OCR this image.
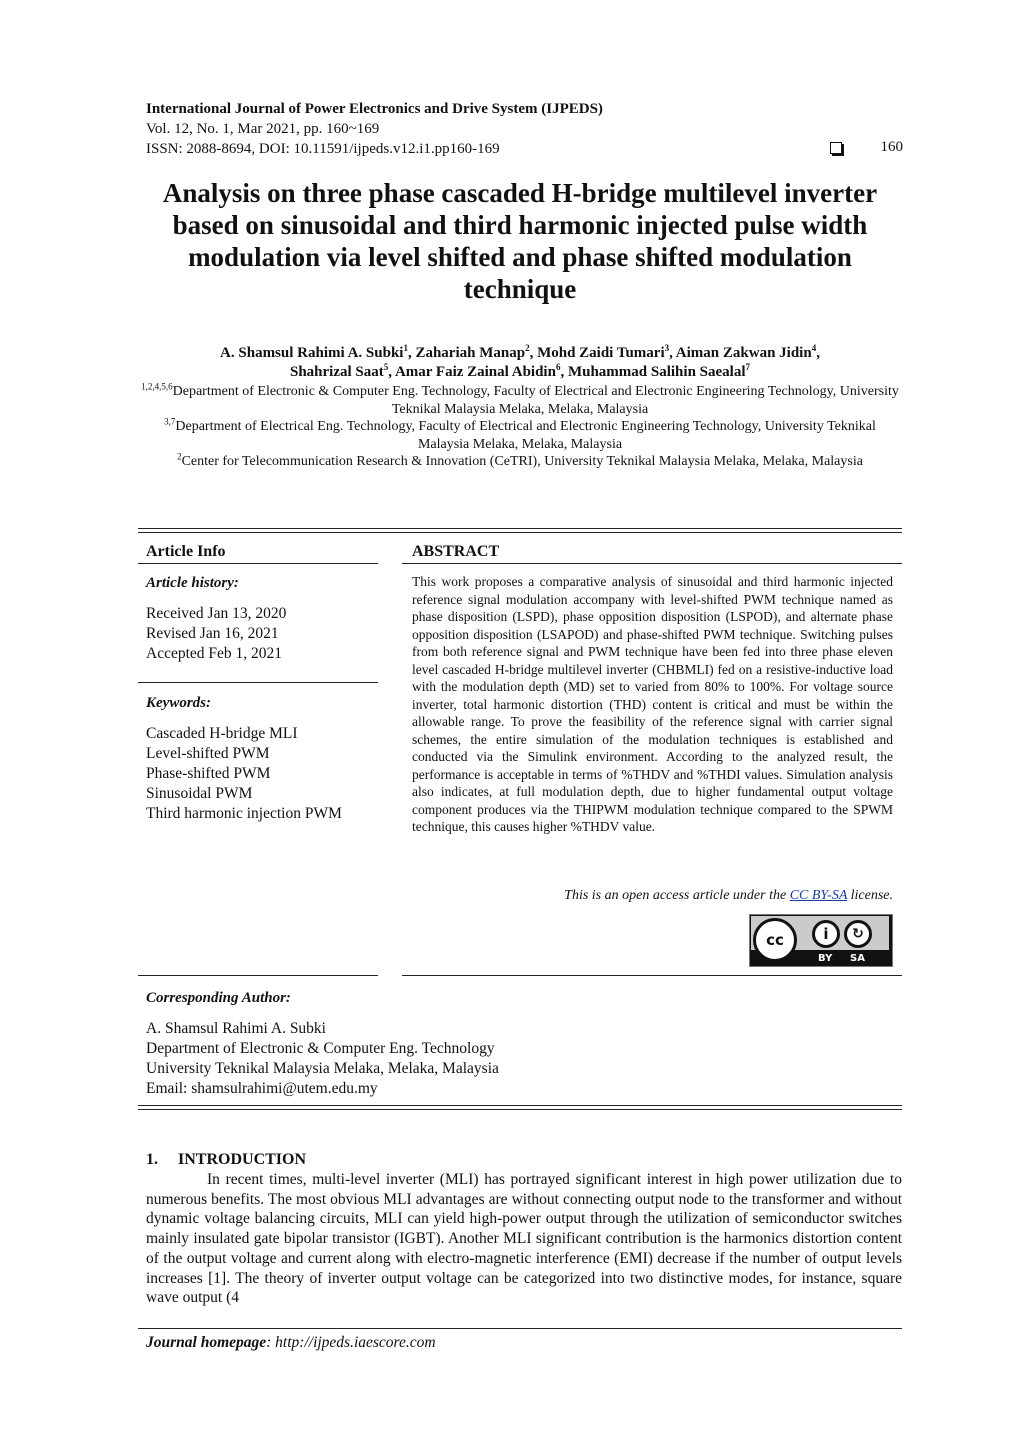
International Journal of Power Electronics and Drive System (IJPEDS)
Vol. 12, No. 1, Mar 2021, pp. 160~169
ISSN: 2088-8694, DOI: 10.11591/ijpeds.v12.i1.pp160-169	160
Analysis on three phase cascaded H-bridge multilevel inverter based on sinusoidal and third harmonic injected pulse width modulation via level shifted and phase shifted modulation technique
A. Shamsul Rahimi A. Subki$^1$, Zahariah Manap$^2$, Mohd Zaidi Tumari$^3$, Aiman Zakwan Jidin$^4$,
Shahrizal Saat$^5$, Amar Faiz Zainal Abidin$^6$, Muhammad Salihin Saealal$^7$
$^{1,2,4,5,6}$Department of Electronic & Computer Eng. Technology, Faculty of Electrical and Electronic Engineering Technology, University Teknikal Malaysia Melaka, Melaka, Malaysia
$^{3,7}$Department of Electrical Eng. Technology, Faculty of Electrical and Electronic Engineering Technology, University Teknikal Malaysia Melaka, Melaka, Malaysia
$^2$Center for Telecommunication Research & Innovation (CeTRI), University Teknikal Malaysia Melaka, Melaka, Malaysia
Article Info
Article history:
Received Jan 13, 2020
Revised Jan 16, 2021
Accepted Feb 1, 2021
Keywords:
Cascaded H-bridge MLI
Level-shifted PWM
Phase-shifted PWM
Sinusoidal PWM
Third harmonic injection PWM
ABSTRACT
This work proposes a comparative analysis of sinusoidal and third harmonic injected reference signal modulation accompany with level-shifted PWM technique named as phase disposition (LSPD), phase opposition disposition (LSPOD), and alternate phase opposition disposition (LSAPOD) and phase-shifted PWM technique. Switching pulses from both reference signal and PWM technique have been fed into three phase eleven level cascaded H-bridge multilevel inverter (CHBMLI) fed on a resistive-inductive load with the modulation depth (MD) set to varied from 80% to 100%. For voltage source inverter, total harmonic distortion (THD) content is critical and must be within the allowable range. To prove the feasibility of the reference signal with carrier signal schemes, the entire simulation of the modulation techniques is established and conducted via the Simulink environment. According to the analyzed result, the performance is acceptable in terms of %THDV and %THDI values. Simulation analysis also indicates, at full modulation depth, due to higher fundamental output voltage component produces via the THIPWM modulation technique compared to the SPWM technique, this causes higher %THDV value.
This is an open access article under the CC BY-SA license.
cc	i	↻
BY SA
Corresponding Author:
A. Shamsul Rahimi A. Subki
Department of Electronic & Computer Eng. Technology
University Teknikal Malaysia Melaka, Melaka, Malaysia
Email: shamsulrahimi@utem.edu.my
1. INTRODUCTION
In recent times, multi-level inverter (MLI) has portrayed significant interest in high power utilization due to numerous benefits. The most obvious MLI advantages are without connecting output node to the transformer and without dynamic voltage balancing circuits, MLI can yield high-power output through the utilization of semiconductor switches mainly insulated gate bipolar transistor (IGBT). Another MLI significant contribution is the harmonics distortion content of the output voltage and current along with electro-magnetic interference (EMI) decrease if the number of output levels increases [1]. The theory of inverter output voltage can be categorized into two distinctive modes, for instance, square wave output (4
Journal homepage: http://ijpeds.iaescore.com
